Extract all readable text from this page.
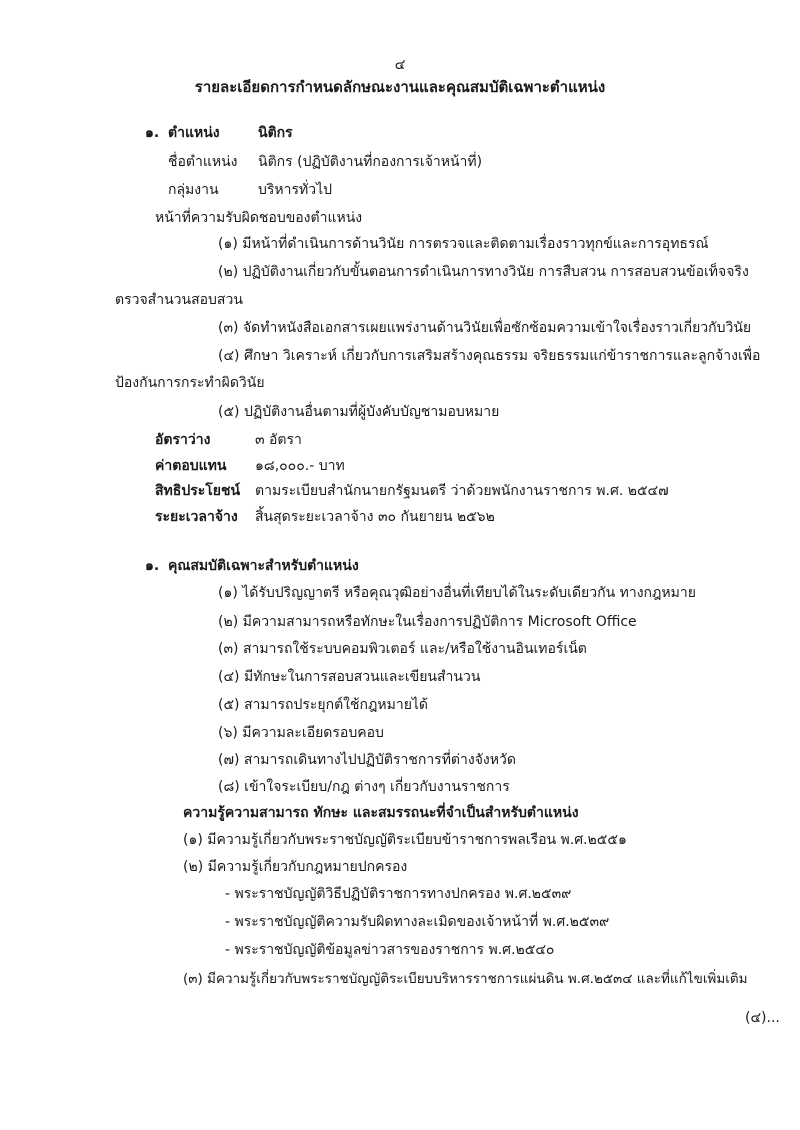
๔
รายละเอียดการกำหนดลักษณะงานและคุณสมบัติเฉพาะตำแหน่ง
๑. ตำแหน่ง	นิติกร
ชื่อตำแหน่ง นิติกร (ปฏิบัติงานที่กองการเจ้าหน้าที่)
กลุ่มงาน	บริหารทั่วไป
หน้าที่ความรับผิดชอบของตำแหน่ง
(๑) มีหน้าที่ดำเนินการด้านวินัย การตรวจและติดตามเรื่องราวทุกข์และการอุทธรณ์
(๒) ปฏิบัติงานเกี่ยวกับขั้นตอนการดำเนินการทางวินัย การสืบสวน การสอบสวนข้อเท็จจริง
ตรวจสำนวนสอบสวน
(๓) จัดทำหนังสือเอกสารเผยแพร่งานด้านวินัยเพื่อซักซ้อมความเข้าใจเรื่องราวเกี่ยวกับวินัย
(๔) ศึกษา วิเคราะห์ เกี่ยวกับการเสริมสร้างคุณธรรม จริยธรรมแก่ข้าราชการและลูกจ้างเพื่อ
ป้องกันการกระทำผิดวินัย
(๕) ปฏิบัติงานอื่นตามที่ผู้บังคับบัญชามอบหมาย
อัตราว่าง	๓ อัตรา
ค่าตอบแทน ๑๘,๐๐๐.- บาท
สิทธิประโยชน์ ตามระเบียบสำนักนายกรัฐมนตรี ว่าด้วยพนักงานราชการ พ.ศ. ๒๕๔๗
ระยะเวลาจ้าง สิ้นสุดระยะเวลาจ้าง ๓๐ กันยายน ๒๕๖๒
๑. คุณสมบัติเฉพาะสำหรับตำแหน่ง
(๑) ได้รับปริญญาตรี หรือคุณวุฒิอย่างอื่นที่เทียบได้ในระดับเดียวกัน ทางกฎหมาย
(๒) มีความสามารถหรือทักษะในเรื่องการปฏิบัติการ Microsoft Office
(๓) สามารถใช้ระบบคอมพิวเตอร์ และ/หรือใช้งานอินเทอร์เน็ต
(๔) มีทักษะในการสอบสวนและเขียนสำนวน
(๕) สามารถประยุกต์ใช้กฎหมายได้
(๖) มีความละเอียดรอบคอบ
(๗) สามารถเดินทางไปปฏิบัติราชการที่ต่างจังหวัด
(๘) เข้าใจระเบียบ/กฎ ต่างๆ เกี่ยวกับงานราชการ
ความรู้ความสามารถ ทักษะ และสมรรถนะที่จำเป็นสำหรับตำแหน่ง
(๑) มีความรู้เกี่ยวกับพระราชบัญญัติระเบียบข้าราชการพลเรือน พ.ศ.๒๕๕๑
(๒) มีความรู้เกี่ยวกับกฎหมายปกครอง
- พระราชบัญญัติวิธีปฏิบัติราชการทางปกครอง พ.ศ.๒๕๓๙
- พระราชบัญญัติความรับผิดทางละเมิดของเจ้าหน้าที่ พ.ศ.๒๕๓๙
- พระราชบัญญัติข้อมูลข่าวสารของราชการ พ.ศ.๒๕๔๐
(๓) มีความรู้เกี่ยวกับพระราชบัญญัติระเบียบบริหารราชการแผ่นดิน พ.ศ.๒๕๓๔ และที่แก้ไขเพิ่มเติม
(๔)...
